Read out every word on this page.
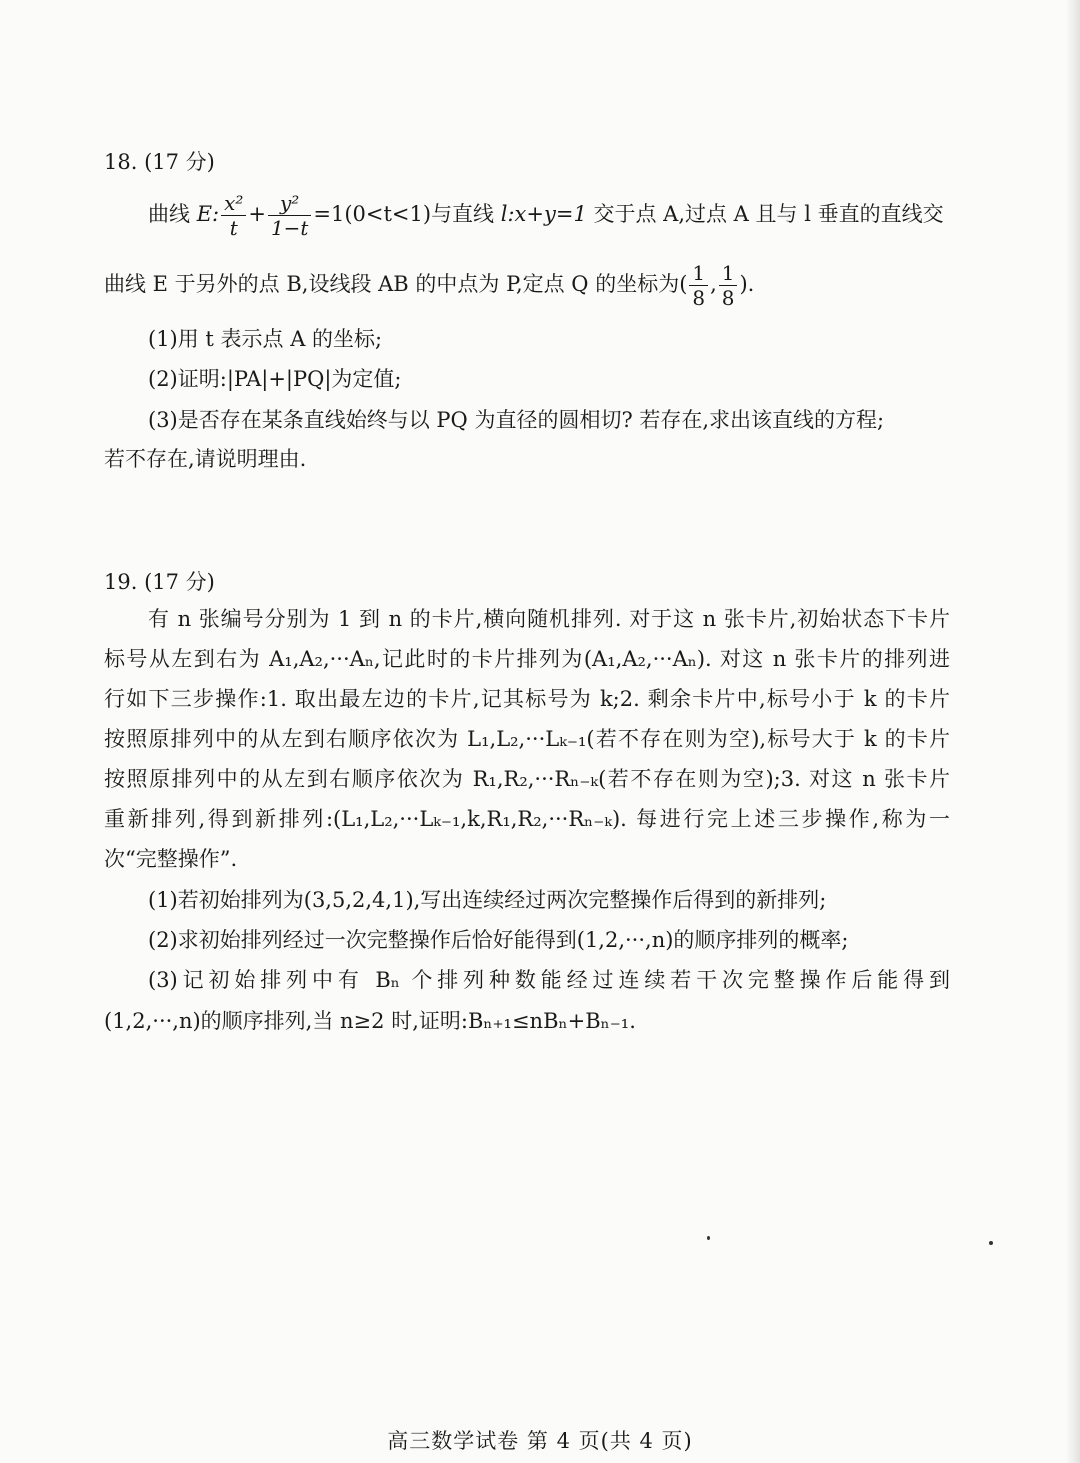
18. (17 分)
曲线 E: $\frac{\text{x²}}{t} + \frac{\text{y²}}{1-t} =1(0<t<1)$与直线 l:x+y=1 交于点 A,过点 A 且与 l 垂直的直线交
曲线 E 于另外的点 B,设线段 AB 的中点为 P,定点 Q 的坐标为( $\frac{1}{8}$ , $\frac{1}{8}$ ).
(1)用 t 表示点 A 的坐标;
(2)证明:|PA|+|PQ|为定值;
(3)是否存在某条直线始终与以 PQ 为直径的圆相切? 若存在,求出该直线的方程;
若不存在,请说明理由.
19. (17 分)
有 n 张编号分别为 1 到 n 的卡片,横向随机排列. 对于这 n 张卡片,初始状态下卡片
标号从左到右为 A₁,A₂,···Aₙ,记此时的卡片排列为(A₁,A₂,···Aₙ). 对这 n 张卡片的排列进
行如下三步操作:1. 取出最左边的卡片,记其标号为 k;2. 剩余卡片中,标号小于 k 的卡片
按照原排列中的从左到右顺序依次为 L₁,L₂,···Lₖ₋₁(若不存在则为空),标号大于 k 的卡片
按照原排列中的从左到右顺序依次为 R₁,R₂,···Rₙ₋ₖ(若不存在则为空);3. 对这 n 张卡片
重新排列,得到新排列:(L₁,L₂,···Lₖ₋₁,k,R₁,R₂,···Rₙ₋ₖ). 每进行完上述三步操作,称为一
次“完整操作”.
(1)若初始排列为(3,5,2,4,1),写出连续经过两次完整操作后得到的新排列;
(2)求初始排列经过一次完整操作后恰好能得到(1,2,···,n)的顺序排列的概率;
(3)记初始排列中有 Bₙ 个排列种数能经过连续若干次完整操作后能得到
(1,2,···,n)的顺序排列,当 n≥2 时,证明:Bₙ₊₁≤nBₙ+Bₙ₋₁.
高三数学试卷 第 4 页(共 4 页)
